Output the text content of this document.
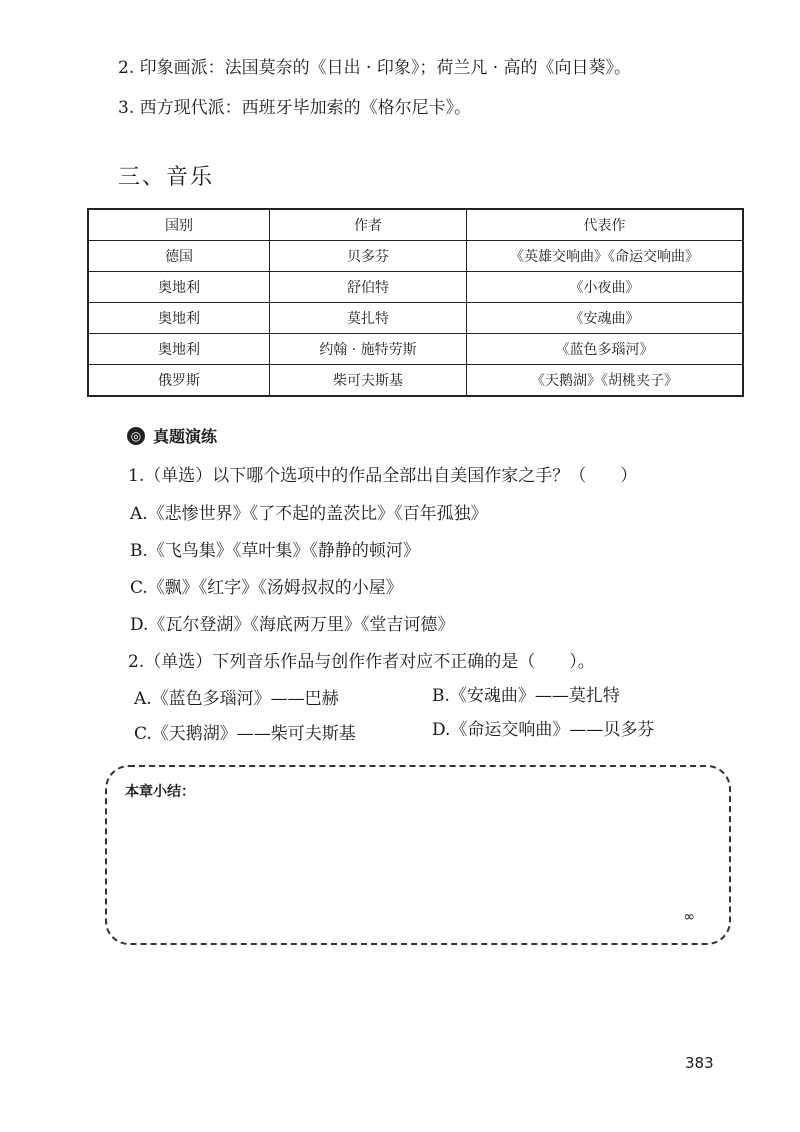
2. 印象画派：法国莫奈的《日出 · 印象》；荷兰凡 · 高的《向日葵》。
3. 西方现代派：西班牙毕加索的《格尔尼卡》。
三、音乐
国别	作者	代表作
德国	贝多芬	《英雄交响曲》《命运交响曲》
奥地利	舒伯特	《小夜曲》
奥地利	莫扎特	《安魂曲》
奥地利	约翰 · 施特劳斯	《蓝色多瑙河》
俄罗斯	柴可夫斯基	《天鹅湖》《胡桃夹子》
◎ 真题演练
1.（单选）以下哪个选项中的作品全部出自美国作家之手？（　　）
A.《悲惨世界》《了不起的盖茨比》《百年孤独》
B.《飞鸟集》《草叶集》《静静的顿河》
C.《飘》《红字》《汤姆叔叔的小屋》
D.《瓦尔登湖》《海底两万里》《堂吉诃德》
2.（单选）下列音乐作品与创作作者对应不正确的是（　　）。
A.《蓝色多瑙河》——巴赫	B.《安魂曲》——莫扎特
C.《天鹅湖》——柴可夫斯基	D.《命运交响曲》——贝多芬
本章小结：
∞
383
